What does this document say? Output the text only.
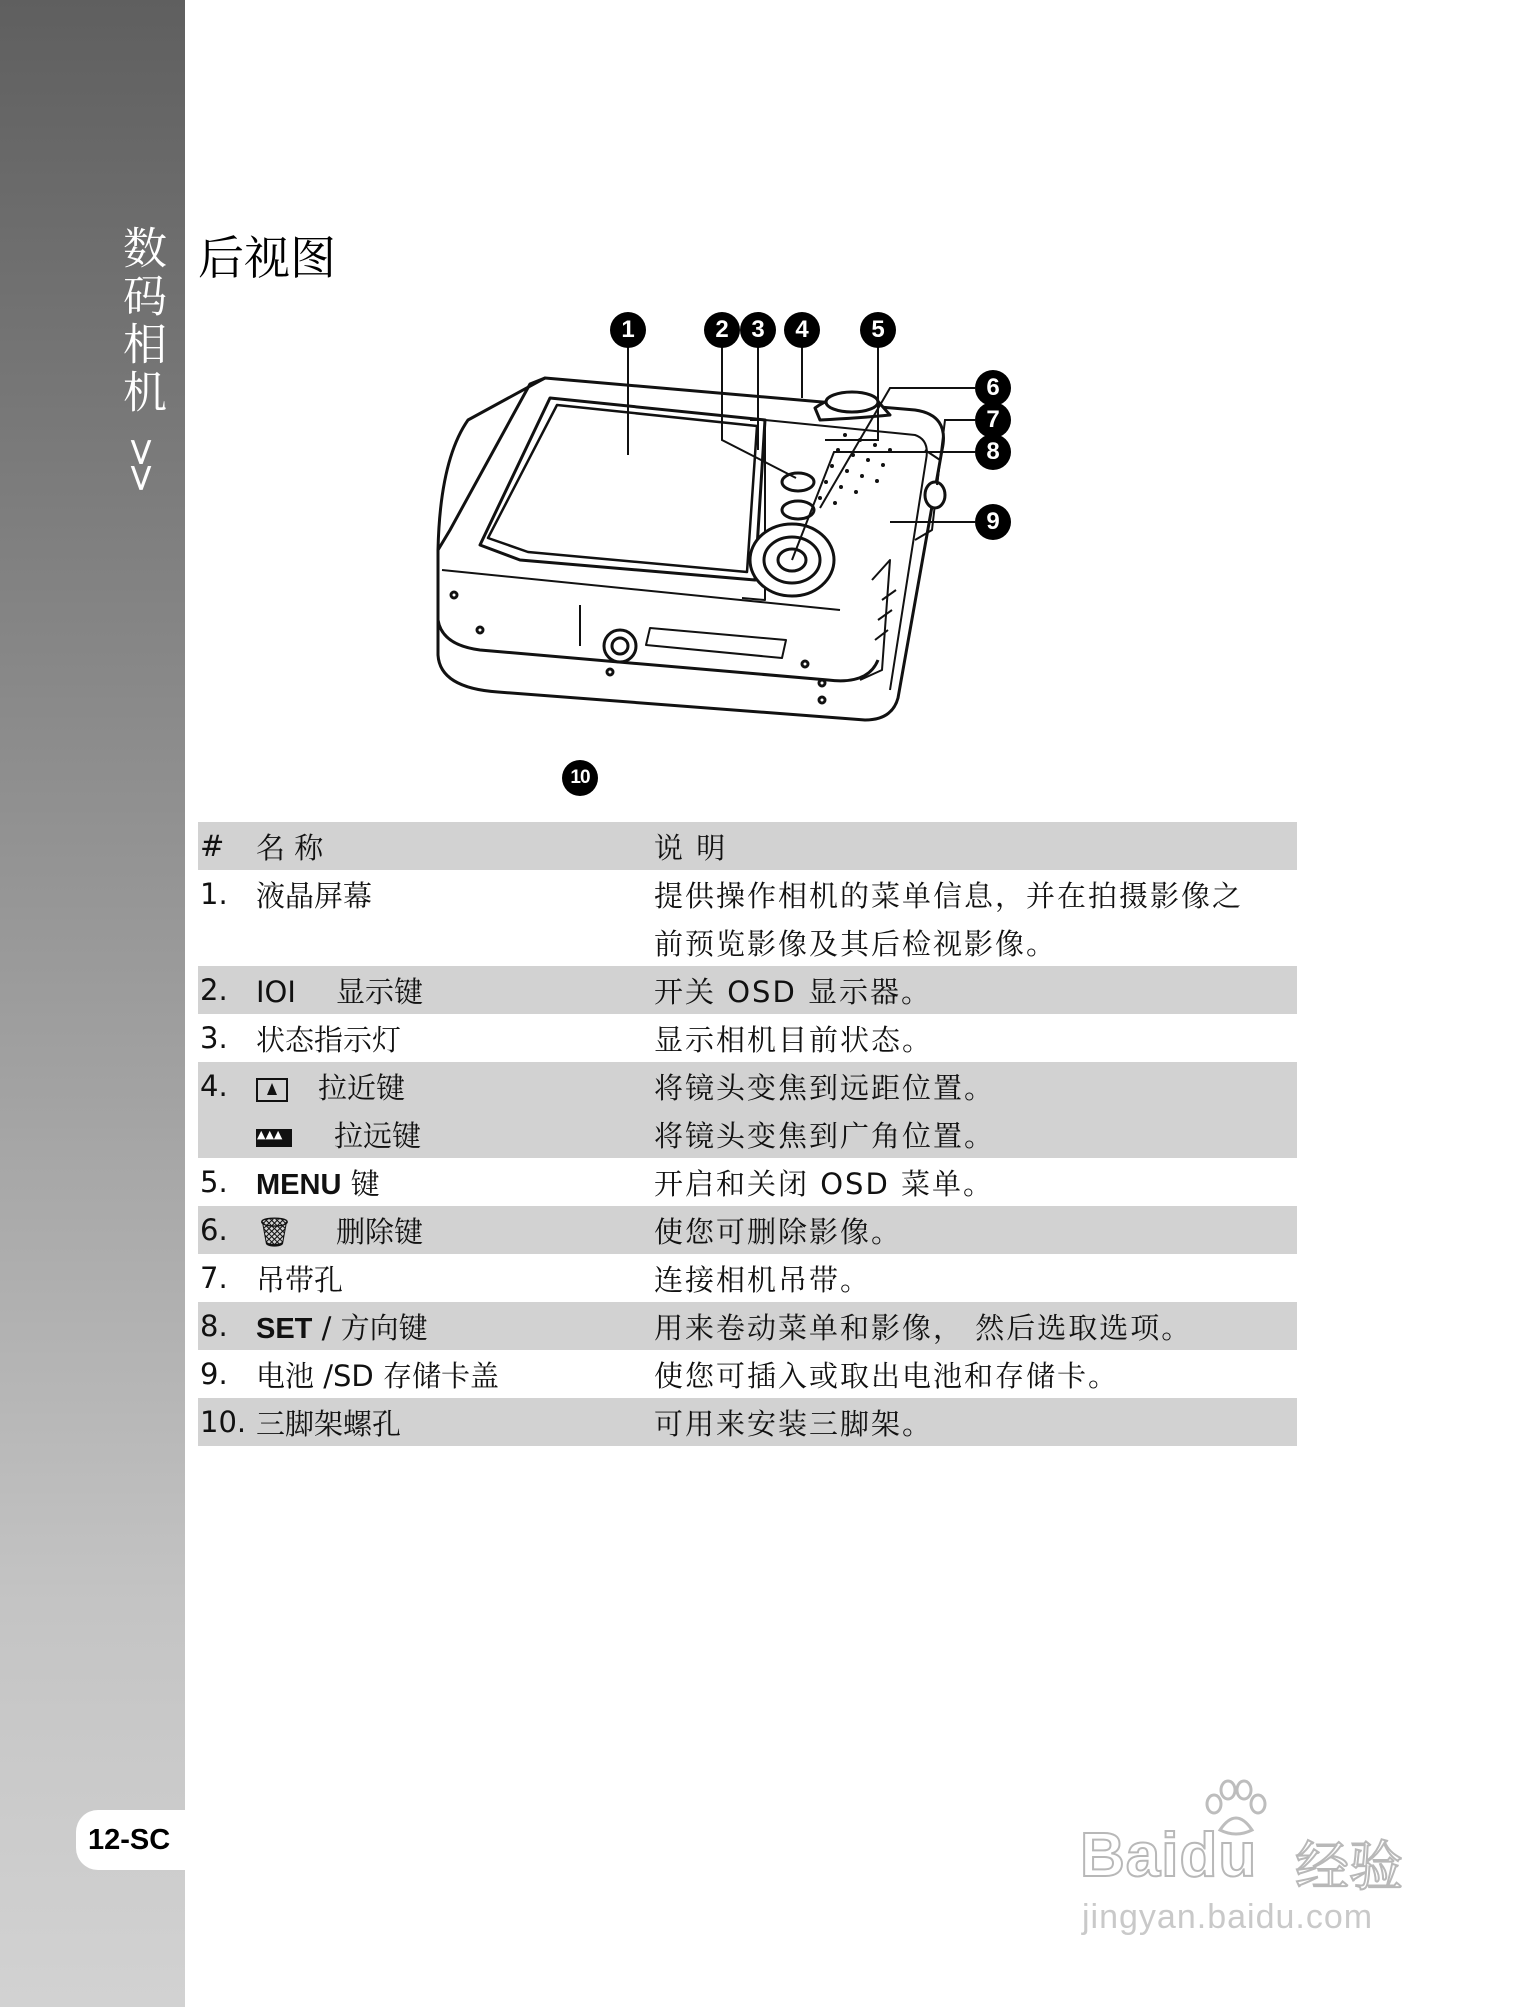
数码相机
>>
12-SC
后视图
1	2 3	4	5
6
7
8
9
10
#	名 称	说 明
1.	液晶屏幕	提供操作相机的菜单信息，并在拍摄影像之
		前预览影像及其后检视影像。
2.	IOI 显示键	开关 OSD 显示器。
3.	状态指示灯	显示相机目前状态。
4.	拉近键	将镜头变焦到远距位置。
	▲▲▲拉远键	将镜头变焦到广角位置。
5.	MENU 键	开启和关闭 OSD 菜单。
6.	🗑 删除键	使您可删除影像。
7.	吊带孔	连接相机吊带。
8.	SET / 方向键	用来卷动菜单和影像， 然后选取选项。
9.	电池 /SD 存储卡盖	使您可插入或取出电池和存储卡。
10.	三脚架螺孔	可用来安装三脚架。
Baidu 经验
jingyan.baidu.com
